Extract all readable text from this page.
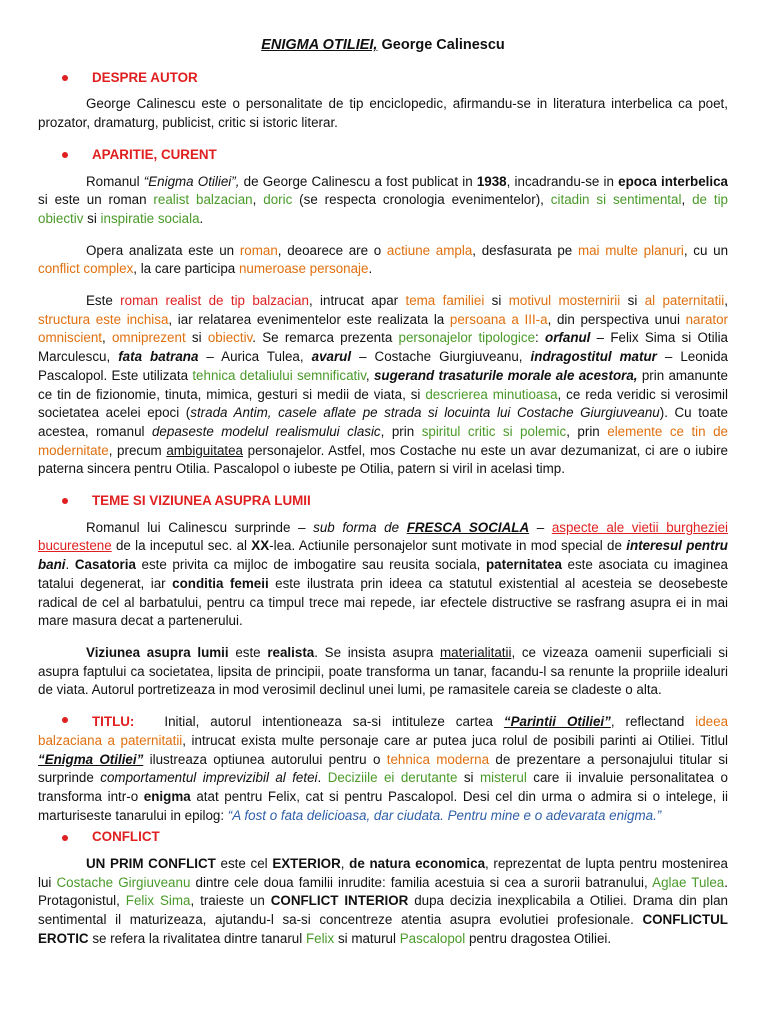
ENIGMA OTILIEI, George Calinescu
DESPRE AUTOR

George Calinescu este o personalitate de tip enciclopedic, afirmandu-se in literatura interbelica ca poet, prozator, dramaturg, publicist, critic si istoric literar.

APARITIE, CURENT

Romanul “Enigma Otiliei”, de George Calinescu a fost publicat in 1938, incadrandu-se in epoca interbelica si este un roman realist balzacian, doric (se respecta cronologia evenimentelor), citadin si sentimental, de tip obiectiv si inspiratie sociala.

Opera analizata este un roman, deoarece are o actiune ampla, desfasurata pe mai multe planuri, cu un conflict complex, la care participa numeroase personaje.

Este roman realist de tip balzacian, intrucat apar tema familiei si motivul mosternirii si al paternitatii, structura este inchisa, iar relatarea evenimentelor este realizata la persoana a III-a, din perspectiva unui narator omniscient, omniprezent si obiectiv. Se remarca prezenta personajelor tipologice: orfanul – Felix Sima si Otilia Marculescu, fata batrana – Aurica Tulea, avarul – Costache Giurgiuveanu, indragostitul matur – Leonida Pascalopol. Este utilizata tehnica detaliului semnificativ, sugerand trasaturile morale ale acestora, prin amanunte ce tin de fizionomie, tinuta, mimica, gesturi si medii de viata, si descrierea minutioasa, ce reda veridic si verosimil societatea acelei epoci (strada Antim, casele aflate pe strada si locuinta lui Costache Giurgiuveanu). Cu toate acestea, romanul depaseste modelul realismului clasic, prin spiritul critic si polemic, prin elemente ce tin de modernitate, precum ambiguitatea personajelor. Astfel, mos Costache nu este un avar dezumanizat, ci are o iubire paterna sincera pentru Otilia. Pascalopol o iubeste pe Otilia, patern si viril in acelasi timp.

TEME SI VIZIUNEA ASUPRA LUMII

Romanul lui Calinescu surprinde – sub forma de FRESCA SOCIALA – aspecte ale vietii burgheziei bucurestene de la inceputul sec. al XX-lea. Actiunile personajelor sunt motivate in mod special de interesul pentru bani. Casatoria este privita ca mijloc de imbogatire sau reusita sociala, paternitatea este asociata cu imaginea tatalui degenerat, iar conditia femeii este ilustrata prin ideea ca statutul existential al acesteia se deosebeste radical de cel al barbatului, pentru ca timpul trece mai repede, iar efectele distructive se rasfrang asupra ei in mai mare masura decat a partenerului.

Viziunea asupra lumii este realista. Se insista asupra materialitatii, ce vizeaza oamenii superficiali si asupra faptului ca societatea, lipsita de principii, poate transforma un tanar, facandu-l sa renunte la propriile idealuri de viata. Autorul portretizeaza in mod verosimil declinul unei lumi, pe ramasitele careia se cladeste o alta.

TITLU: Initial, autorul intentioneaza sa-si intituleze cartea “Parintii Otiliei”, reflectand ideea balzaciana a paternitatii, intrucat exista multe personaje care ar putea juca rolul de posibili parinti ai Otiliei. Titlul “Enigma Otiliei” ilustreaza optiunea autorului pentru o tehnica moderna de prezentare a personajului titular si surprinde comportamentul imprevizibil al fetei. Deciziile ei derutante si misterul care ii invaluie personalitatea o transforma intr-o enigma atat pentru Felix, cat si pentru Pascalopol. Desi cel din urma o admira si o intelege, ii marturiseste tanarului in epilog: “A fost o fata delicioasa, dar ciudata. Pentru mine e o adevarata enigma.”

CONFLICT

UN PRIM CONFLICT este cel EXTERIOR, de natura economica, reprezentat de lupta pentru mostenirea lui Costache Girgiuveanu dintre cele doua familii inrudite: familia acestuia si cea a surorii batranului, Aglae Tulea. Protagonistul, Felix Sima, traieste un CONFLICT INTERIOR dupa decizia inexplicabila a Otiliei. Drama din plan sentimental il maturizeaza, ajutandu-l sa-si concentreze atentia asupra evolutiei profesionale. CONFLICTUL EROTIC se refera la rivalitatea dintre tanarul Felix si maturul Pascalopol pentru dragostea Otiliei.
